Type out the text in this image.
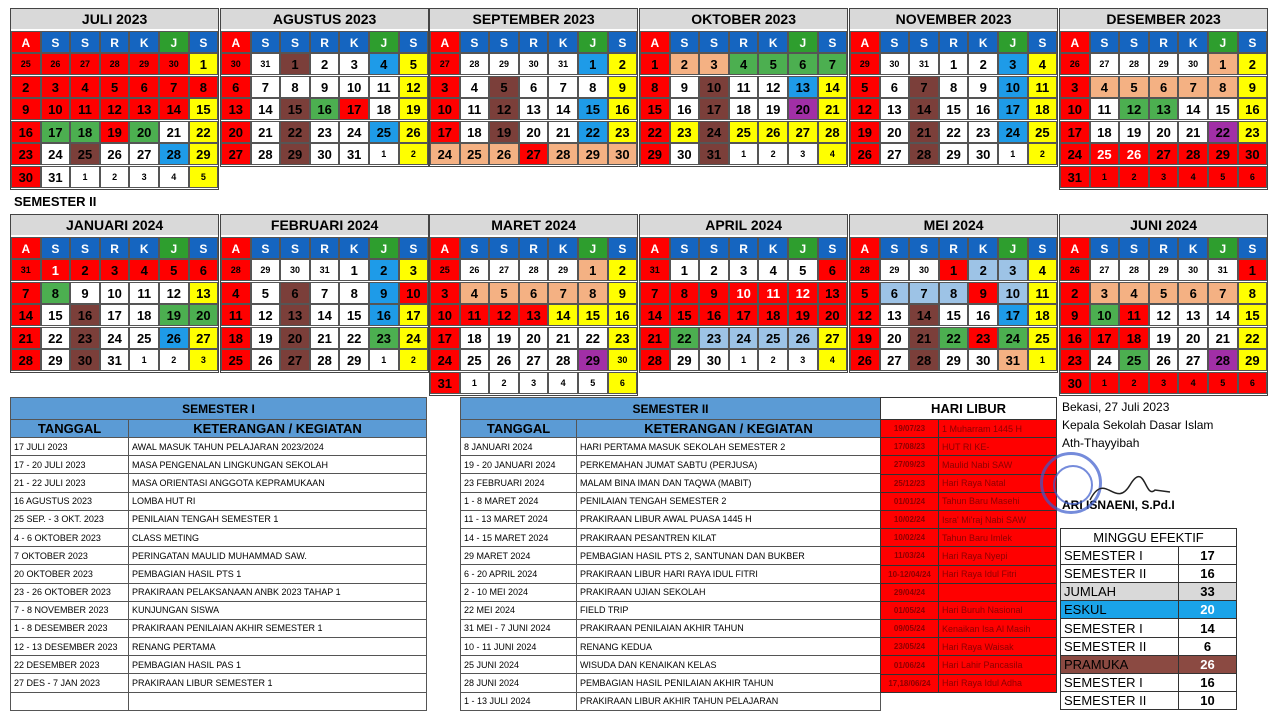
JULI 2023
A	S	S	R	K	J	S
25	26	27	28	29	30	1
2	3	4	5	6	7	8
9	10	11	12	13	14	15
16	17	18	19	20	21	22
23	24	25	26	27	28	29
30	31	1	2	3	4	5
AGUSTUS 2023
A	S	S	R	K	J	S
30	31	1	2	3	4	5
6	7	8	9	10	11	12
13	14	15	16	17	18	19
20	21	22	23	24	25	26
27	28	29	30	31	1	2
SEPTEMBER 2023
A	S	S	R	K	J	S
27	28	29	30	31	1	2
3	4	5	6	7	8	9
10	11	12	13	14	15	16
17	18	19	20	21	22	23
24	25	26	27	28	29	30
OKTOBER 2023
A	S	S	R	K	J	S
1	2	3	4	5	6	7
8	9	10	11	12	13	14
15	16	17	18	19	20	21
22	23	24	25	26	27	28
29	30	31	1	2	3	4
NOVEMBER 2023
A	S	S	R	K	J	S
29	30	31	1	2	3	4
5	6	7	8	9	10	11
12	13	14	15	16	17	18
19	20	21	22	23	24	25
26	27	28	29	30	1	2
DESEMBER 2023
A	S	S	R	K	J	S
26	27	28	29	30	1	2
3	4	5	6	7	8	9
10	11	12	13	14	15	16
17	18	19	20	21	22	23
24	25	26	27	28	29	30
31	1	2	3	4	5	6
JANUARI 2024
A	S	S	R	K	J	S
31	1	2	3	4	5	6
7	8	9	10	11	12	13
14	15	16	17	18	19	20
21	22	23	24	25	26	27
28	29	30	31	1	2	3
FEBRUARI 2024
A	S	S	R	K	J	S
28	29	30	31	1	2	3
4	5	6	7	8	9	10
11	12	13	14	15	16	17
18	19	20	21	22	23	24
25	26	27	28	29	1	2
MARET 2024
A	S	S	R	K	J	S
25	26	27	28	29	1	2
3	4	5	6	7	8	9
10	11	12	13	14	15	16
17	18	19	20	21	22	23
24	25	26	27	28	29	30
31	1	2	3	4	5	6
APRIL 2024
A	S	S	R	K	J	S
31	1	2	3	4	5	6
7	8	9	10	11	12	13
14	15	16	17	18	19	20
21	22	23	24	25	26	27
28	29	30	1	2	3	4
MEI 2024
A	S	S	R	K	J	S
28	29	30	1	2	3	4
5	6	7	8	9	10	11
12	13	14	15	16	17	18
19	20	21	22	23	24	25
26	27	28	29	30	31	1
JUNI 2024
A	S	S	R	K	J	S
26	27	28	29	30	31	1
2	3	4	5	6	7	8
9	10	11	12	13	14	15
16	17	18	19	20	21	22
23	24	25	26	27	28	29
30	1	2	3	4	5	6
SEMESTER II
SEMESTER I	
TANGGAL	KETERANGAN / KEGIATAN
17 JULI 2023	AWAL MASUK TAHUN PELAJARAN 2023/2024
17 - 20 JULI 2023	MASA PENGENALAN LINGKUNGAN SEKOLAH
21 - 22 JULI 2023	MASA ORIENTASI ANGGOTA KEPRAMUKAAN
16 AGUSTUS 2023	LOMBA HUT RI
25 SEP. - 3 OKT. 2023	PENILAIAN TENGAH SEMESTER 1
4 - 6 OKTOBER 2023	CLASS METING
7 OKTOBER 2023	PERINGATAN MAULID MUHAMMAD SAW.
20 OKTOBER 2023	PEMBAGIAN HASIL PTS 1
23 - 26 OKTOBER 2023	PRAKIRAAN PELAKSANAAN ANBK 2023 TAHAP 1
7 - 8 NOVEMBER 2023	KUNJUNGAN SISWA
1 - 8 DESEMBER 2023	PRAKIRAAN PENILAIAN AKHIR SEMESTER 1
12 - 13 DESEMBER 2023	RENANG PERTAMA
22 DESEMBER 2023	PEMBAGIAN HASIL PAS 1
27 DES - 7 JAN 2023	PRAKIRAAN LIBUR SEMESTER 1

SEMESTER II	
TANGGAL	KETERANGAN / KEGIATAN
8 JANUARI 2024	HARI PERTAMA MASUK SEKOLAH SEMESTER 2
19 - 20 JANUARI 2024	PERKEMAHAN JUMAT SABTU (PERJUSA)
23 FEBRUARI 2024	MALAM BINA IMAN DAN TAQWA (MABIT)
1 - 8 MARET 2024	PENILAIAN TENGAH SEMESTER 2
11 - 13 MARET 2024	PRAKIRAAN LIBUR AWAL PUASA 1445 H
14 - 15 MARET 2024	PRAKIRAAN PESANTREN KILAT
29 MARET 2024	PEMBAGIAN HASIL PTS 2, SANTUNAN DAN BUKBER
6 - 20 APRIL 2024	PRAKIRAAN LIBUR HARI RAYA IDUL FITRI
2 - 10 MEI 2024	PRAKIRAAN UJIAN SEKOLAH
22 MEI 2024	FIELD TRIP
31 MEI - 7 JUNI 2024	PRAKIRAAN PENILAIAN AKHIR TAHUN
10 - 11 JUNI 2024	RENANG KEDUA
25 JUNI 2024	WISUDA DAN KENAIKAN KELAS
28 JUNI 2024	PEMBAGIAN HASIL PENILAIAN AKHIR TAHUN
1 - 13 JULI 2024	PRAKIRAAN LIBUR AKHIR TAHUN PELAJARAN
HARI LIBUR	
19/07/23	1 Muharram 1445 H
17/08/23	HUT RI KE-
27/09/23	Maulid Nabi SAW
25/12/23	Hari Raya Natal
01/01/24	Tahun Baru Masehi
10/02/24	Isra' Mi'raj Nabi SAW
10/02/24	Tahun Baru Imlek
11/03/24	Hari Raya Nyepi
10-12/04/24	Hari Raya Idul Fitri
29/04/24	
01/05/24	Hari Buruh Nasional
09/05/24	Kenaikan Isa Al Masih
23/05/24	Hari Raya Waisak
01/06/24	Hari Lahir Pancasila
17,18/06/24	Hari Raya Idul Adha
Bekasi, 27 Juli 2023
Kepala Sekolah Dasar Islam
Ath-Thayyibah
ARI ISNAENI, S.Pd.I
MINGGU EFEKTIF	
SEMESTER I	17
SEMESTER II	16
JUMLAH	33
ESKUL	20
SEMESTER I	14
SEMESTER II	6
PRAMUKA	26
SEMESTER I	16
SEMESTER II	10
